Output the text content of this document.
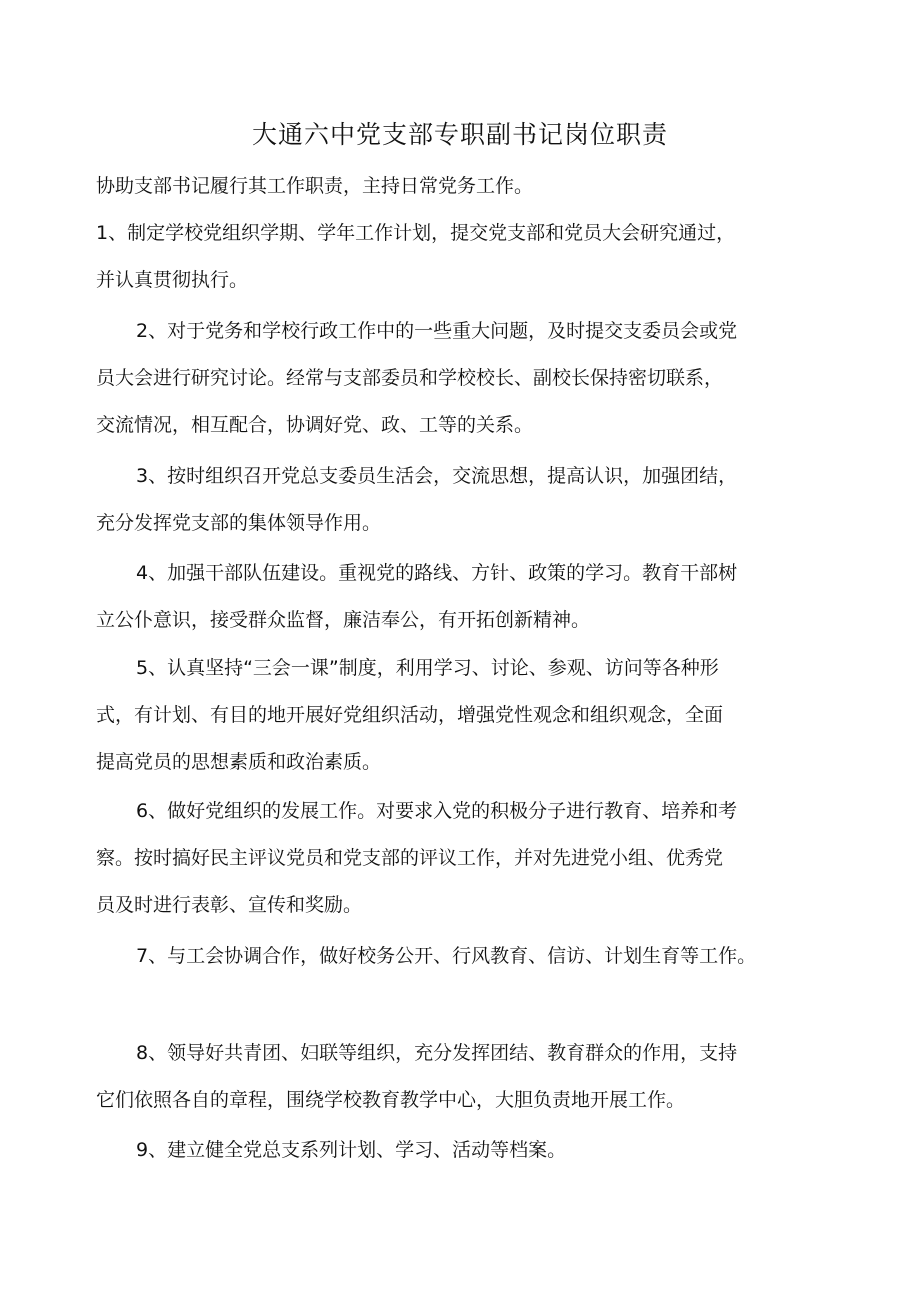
大通六中党支部专职副书记岗位职责
协助支部书记履行其工作职责，主持日常党务工作。
1、制定学校党组织学期、学年工作计划，提交党支部和党员大会研究通过，
并认真贯彻执行。
2、对于党务和学校行政工作中的一些重大问题，及时提交支委员会或党
员大会进行研究讨论。经常与支部委员和学校校长、副校长保持密切联系，
交流情况，相互配合，协调好党、政、工等的关系。
3、按时组织召开党总支委员生活会，交流思想，提高认识，加强团结，
充分发挥党支部的集体领导作用。
4、加强干部队伍建设。重视党的路线、方针、政策的学习。教育干部树
立公仆意识，接受群众监督，廉洁奉公，有开拓创新精神。
5、认真坚持“三会一课”制度，利用学习、讨论、参观、访问等各种形
式，有计划、有目的地开展好党组织活动，增强党性观念和组织观念，全面
提高党员的思想素质和政治素质。
6、做好党组织的发展工作。对要求入党的积极分子进行教育、培养和考
察。按时搞好民主评议党员和党支部的评议工作，并对先进党小组、优秀党
员及时进行表彰、宣传和奖励。
7、与工会协调合作，做好校务公开、行风教育、信访、计划生育等工作。
8、领导好共青团、妇联等组织，充分发挥团结、教育群众的作用，支持
它们依照各自的章程，围绕学校教育教学中心，大胆负责地开展工作。
9、建立健全党总支系列计划、学习、活动等档案。
